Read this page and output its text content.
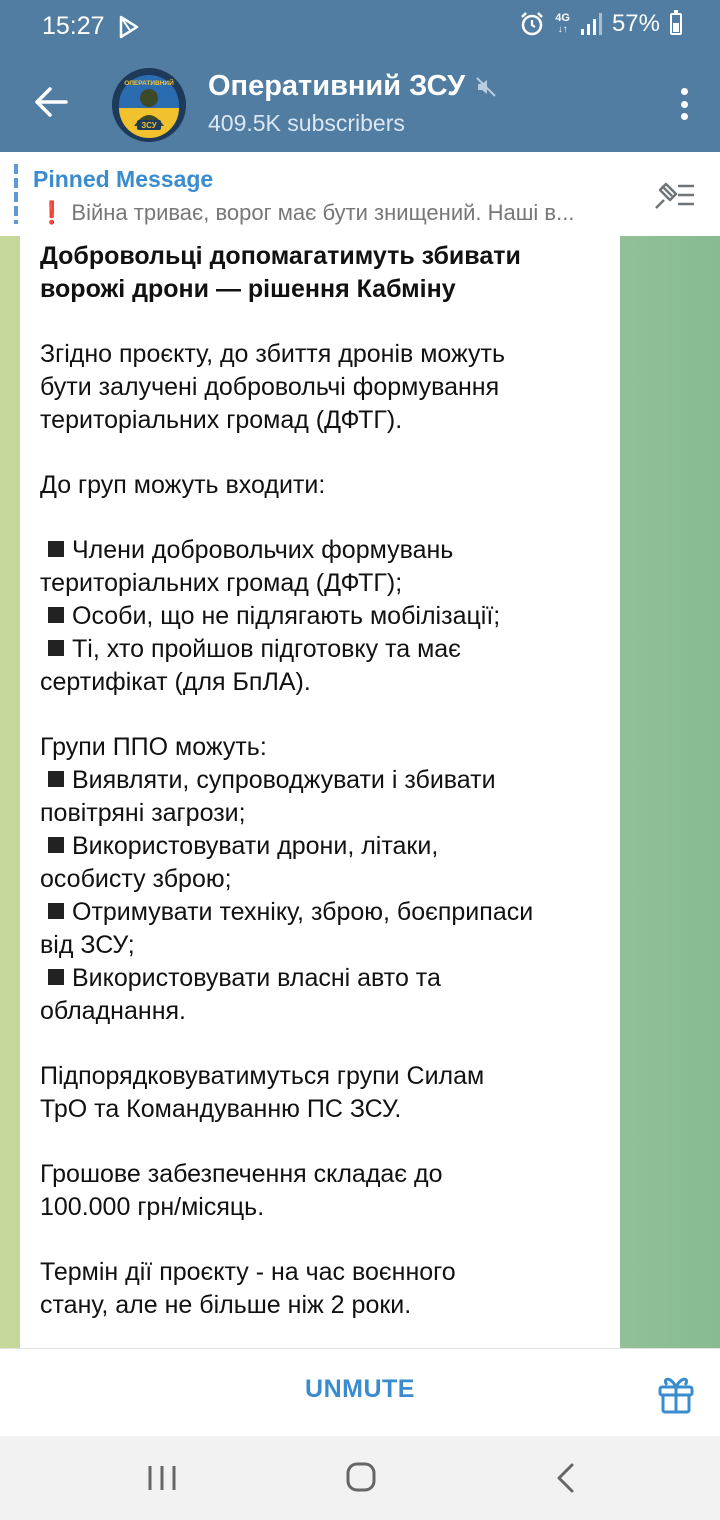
15:27	4G
↓↑ 57%
ЗСУ
ОПЕРАТИВНИЙ Оперативний ЗСУ
409.5K subscribers
Pinned Message
❗ Війна триває, ворог має бути знищений. Наші в...
Добровольці допомагатимуть збивати
ворожі дрони — рішення Кабміну
Згідно проєкту, до збиття дронів можуть
бути залучені добровольчі формування
територіальних громад (ДФТГ).
До груп можуть входити:
Члени добровольчих формувань
територіальних громад (ДФТГ);
Особи, що не підлягають мобілізації;
Ті, хто пройшов підготовку та має
сертифікат (для БпЛА).
Групи ППО можуть:
Виявляти, супроводжувати і збивати
повітряні загрози;
Використовувати дрони, літаки,
особисту зброю;
Отримувати техніку, зброю, боєприпаси
від ЗСУ;
Використовувати власні авто та
обладнання.
Підпорядковуватимуться групи Силам
ТрО та Командуванню ПС ЗСУ.
Грошове забезпечення складає до
100.000 грн/місяць.
Термін дії проєкту - на час воєнного
стану, але не більше ніж 2 роки.
UNMUTE
